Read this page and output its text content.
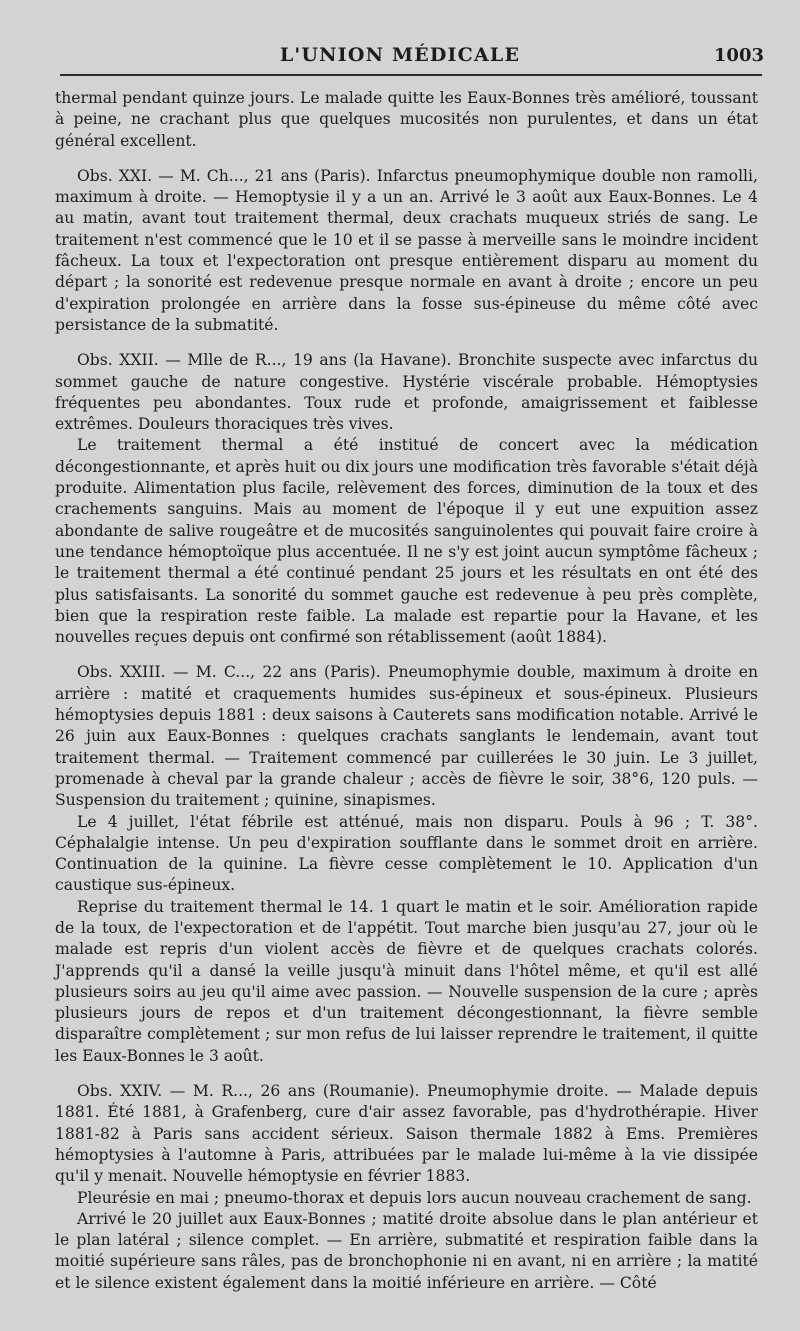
L'UNION MÉDICALE	1003

thermal pendant quinze jours. Le malade quitte les Eaux-Bonnes très amélioré, toussant à peine, ne crachant plus que quelques mucosités non purulentes, et dans un état général excellent.

Obs. XXI. — M. Ch..., 21 ans (Paris). Infarctus pneumophymique double non ramolli, maximum à droite. — Hemoptysie il y a un an. Arrivé le 3 août aux Eaux-Bonnes. Le 4 au matin, avant tout traitement thermal, deux crachats muqueux striés de sang. Le traitement n'est commencé que le 10 et il se passe à merveille sans le moindre incident fâcheux. La toux et l'expectoration ont presque entièrement disparu au moment du départ ; la sonorité est redevenue presque normale en avant à droite ; encore un peu d'expiration prolongée en arrière dans la fosse sus-épineuse du même côté avec persistance de la submatité.

Obs. XXII. — Mlle de R..., 19 ans (la Havane). Bronchite suspecte avec infarctus du sommet gauche de nature congestive. Hystérie viscérale probable. Hémoptysies fréquentes peu abondantes. Toux rude et profonde, amaigrissement et faiblesse extrêmes. Douleurs thoraciques très vives.

Le traitement thermal a été institué de concert avec la médication décongestionnante, et après huit ou dix jours une modification très favorable s'était déjà produite. Alimentation plus facile, relèvement des forces, diminution de la toux et des crachements sanguins. Mais au moment de l'époque il y eut une expuition assez abondante de salive rougeâtre et de mucosités sanguinolentes qui pouvait faire croire à une tendance hémoptoïque plus accentuée. Il ne s'y est joint aucun symptôme fâcheux ; le traitement thermal a été continué pendant 25 jours et les résultats en ont été des plus satisfaisants. La sonorité du sommet gauche est redevenue à peu près complète, bien que la respiration reste faible. La malade est repartie pour la Havane, et les nouvelles reçues depuis ont confirmé son rétablissement (août 1884).

Obs. XXIII. — M. C..., 22 ans (Paris). Pneumophymie double, maximum à droite en arrière : matité et craquements humides sus-épineux et sous-épineux. Plusieurs hémoptysies depuis 1881 : deux saisons à Cauterets sans modification notable. Arrivé le 26 juin aux Eaux-Bonnes : quelques crachats sanglants le lendemain, avant tout traitement thermal. — Traitement commencé par cuillerées le 30 juin. Le 3 juillet, promenade à cheval par la grande chaleur ; accès de fièvre le soir, 38°6, 120 puls. — Suspension du traitement ; quinine, sinapismes.

Le 4 juillet, l'état fébrile est atténué, mais non disparu. Pouls à 96 ; T. 38°. Céphalalgie intense. Un peu d'expiration soufflante dans le sommet droit en arrière. Continuation de la quinine. La fièvre cesse complètement le 10. Application d'un caustique sus-épineux.

Reprise du traitement thermal le 14. 1 quart le matin et le soir. Amélioration rapide de la toux, de l'expectoration et de l'appétit. Tout marche bien jusqu'au 27, jour où le malade est repris d'un violent accès de fièvre et de quelques crachats colorés. J'apprends qu'il a dansé la veille jusqu'à minuit dans l'hôtel même, et qu'il est allé plusieurs soirs au jeu qu'il aime avec passion. — Nouvelle suspension de la cure ; après plusieurs jours de repos et d'un traitement décongestionnant, la fièvre semble disparaître complètement ; sur mon refus de lui laisser reprendre le traitement, il quitte les Eaux-Bonnes le 3 août.

Obs. XXIV. — M. R..., 26 ans (Roumanie). Pneumophymie droite. — Malade depuis 1881. Été 1881, à Grafenberg, cure d'air assez favorable, pas d'hydrothérapie. Hiver 1881-82 à Paris sans accident sérieux. Saison thermale 1882 à Ems. Premières hémoptysies à l'automne à Paris, attribuées par le malade lui-même à la vie dissipée qu'il y menait. Nouvelle hémoptysie en février 1883.

Pleurésie en mai ; pneumo-thorax et depuis lors aucun nouveau crachement de sang.

Arrivé le 20 juillet aux Eaux-Bonnes ; matité droite absolue dans le plan antérieur et le plan latéral ; silence complet. — En arrière, submatité et respiration faible dans la moitié supérieure sans râles, pas de bronchophonie ni en avant, ni en arrière ; la matité et le silence existent également dans la moitié inférieure en arrière. — Côté
